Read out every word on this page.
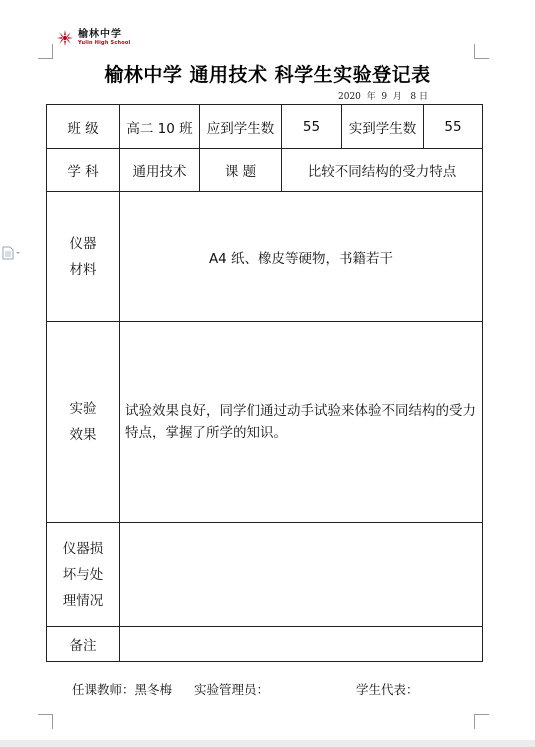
榆林中学
Yulin High School
榆林中学 通用技术 科学生实验登记表
2020  年  9  月   8 日
班 级	高二 10 班	应到学生数	55	实到学生数	55
学 科	通用技术	课 题	比较不同结构的受力特点		

仪器
材料	A4 纸、橡皮等硬物，书籍若干				

实验
效果	试验效果良好，同学们通过动手试验来体验不同结构的受力特点，掌握了所学的知识。				

仪器损
坏与处
理情况					

备注					
任课教师：黑冬梅 实验管理员：	学生代表：
